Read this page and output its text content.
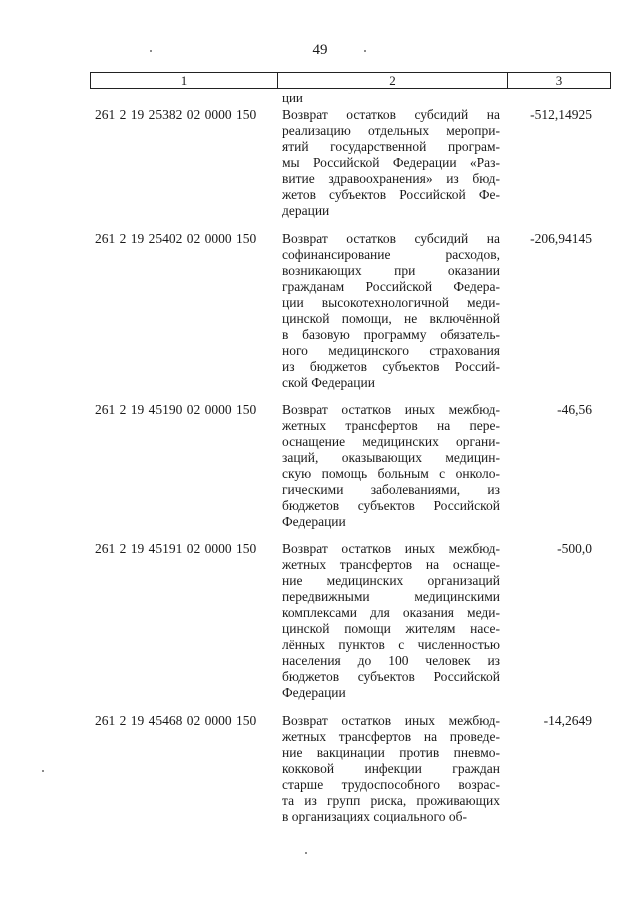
49
1	2	3
ции
261 2 19 25382 02 0000 150 Возврат остатков субсидий на
реализацию отдельных меропри-
ятий государственной програм-
мы Российской Федерации «Раз-
витие здравоохранения» из бюд-
жетов субъектов Российской Фе-
дерации
-512,14925
261 2 19 25402 02 0000 150 Возврат остатков субсидий на
софинансирование расходов,
возникающих при оказании
гражданам Российской Федера-
ции высокотехнологичной меди-
цинской помощи, не включённой
в базовую программу обязатель-
ного медицинского страхования
из бюджетов субъектов Россий-
ской Федерации
-206,94145
261 2 19 45190 02 0000 150 Возврат остатков иных межбюд-
жетных трансфертов на пере-
оснащение медицинских органи-
заций, оказывающих медицин-
скую помощь больным с онколо-
гическими заболеваниями, из
бюджетов субъектов Российской
Федерации
-46,56
261 2 19 45191 02 0000 150 Возврат остатков иных межбюд-
жетных трансфертов на оснаще-
ние медицинских организаций
передвижными медицинскими
комплексами для оказания меди-
цинской помощи жителям насе-
лённых пунктов с численностью
населения до 100 человек из
бюджетов субъектов Российской
Федерации
-500,0
261 2 19 45468 02 0000 150 Возврат остатков иных межбюд-
жетных трансфертов на проведе-
ние вакцинации против пневмо-
кокковой инфекции граждан
старше трудоспособного возрас-
та из групп риска, проживающих
в организациях социального об-
-14,2649
